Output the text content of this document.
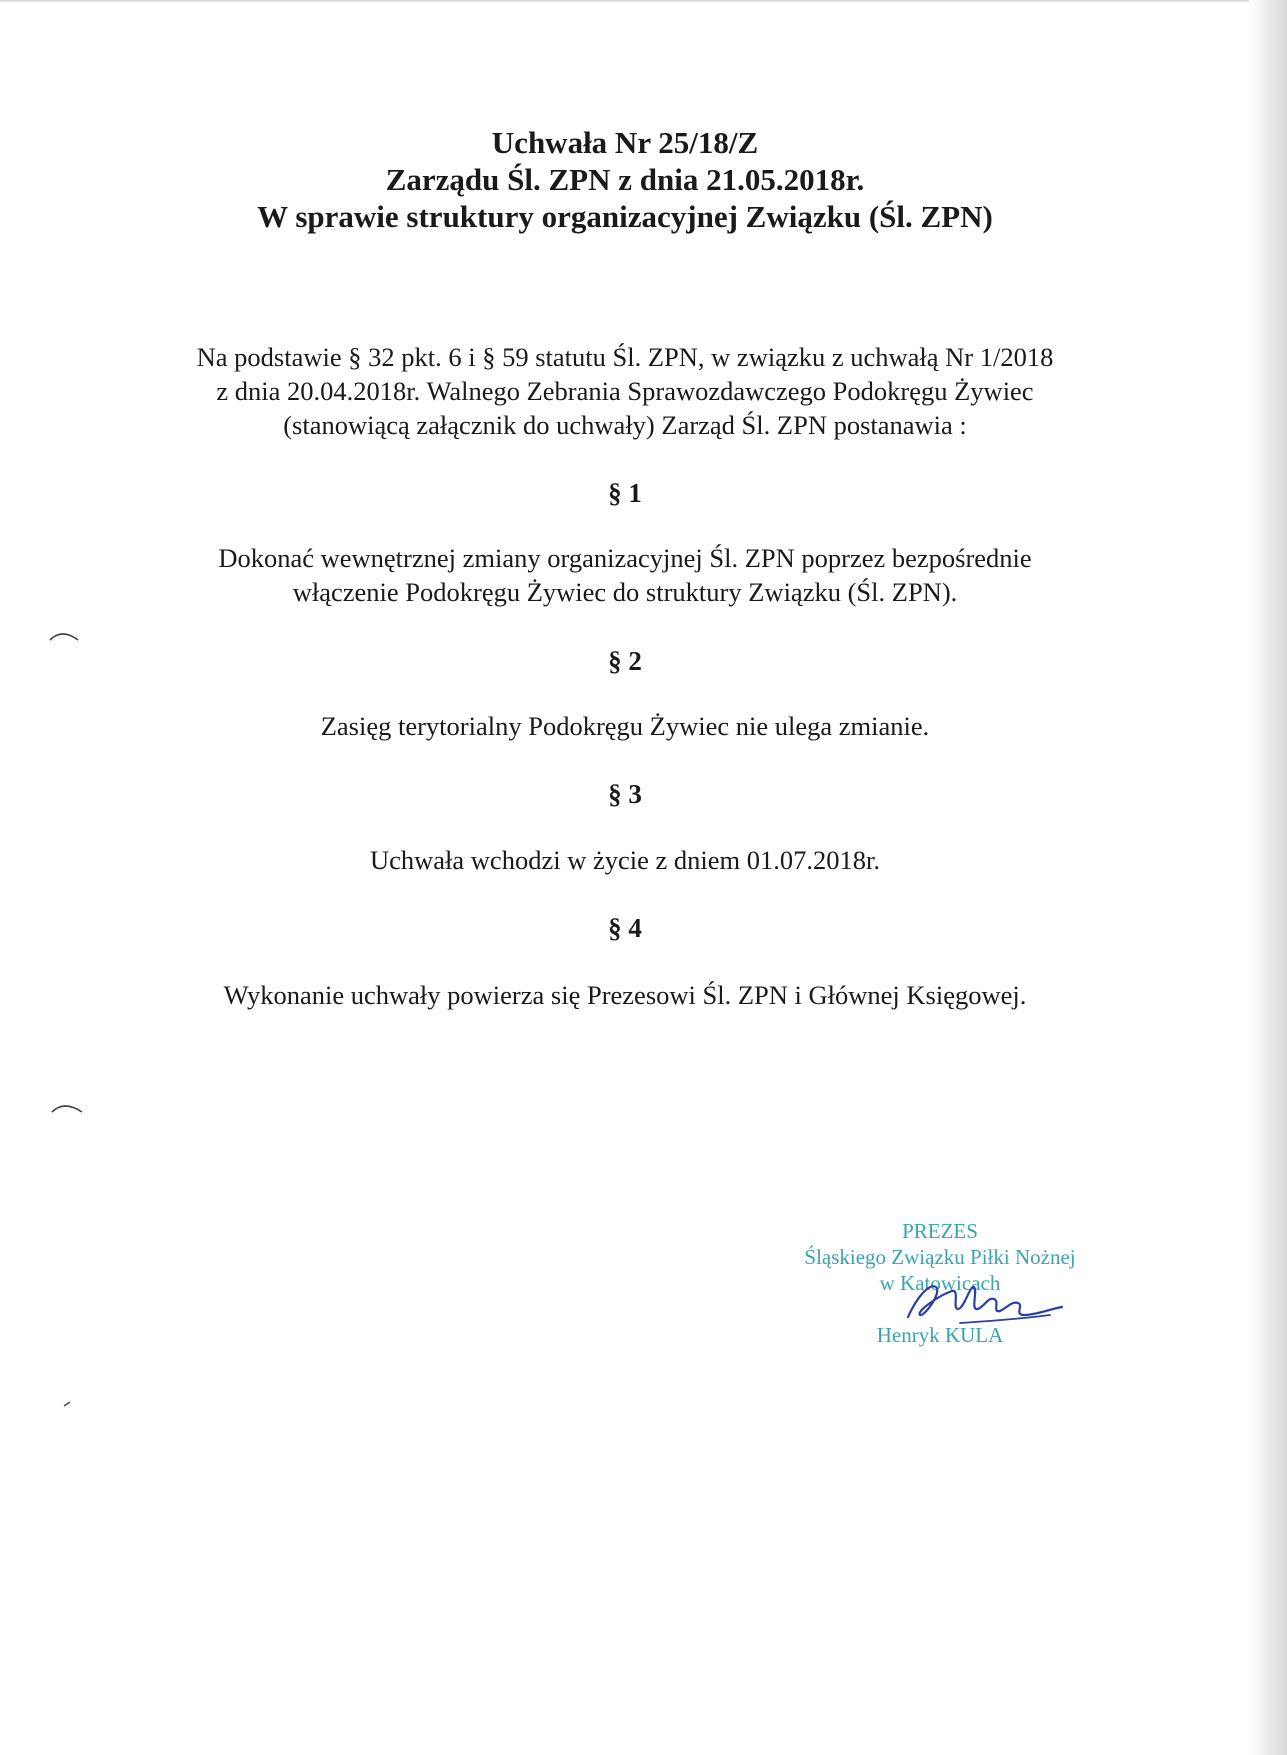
Uchwała Nr 25/18/Z
Zarządu Śl. ZPN z dnia 21.05.2018r.
W sprawie struktury organizacyjnej Związku (Śl. ZPN)
Na podstawie § 32 pkt. 6 i § 59 statutu Śl. ZPN, w związku z uchwałą Nr 1/2018
z dnia 20.04.2018r. Walnego Zebrania Sprawozdawczego Podokręgu Żywiec
(stanowiącą załącznik do uchwały) Zarząd Śl. ZPN postanawia :
§ 1
Dokonać wewnętrznej zmiany organizacyjnej Śl. ZPN poprzez bezpośrednie
włączenie Podokręgu Żywiec do struktury Związku (Śl. ZPN).
§ 2
Zasięg terytorialny Podokręgu Żywiec nie ulega zmianie.
§ 3
Uchwała wchodzi w życie z dniem 01.07.2018r.
§ 4
Wykonanie uchwały powierza się Prezesowi Śl. ZPN i Głównej Księgowej.
PREZES
Śląskiego Związku Piłki Nożnej
w Katowicach
Henryk KULA
